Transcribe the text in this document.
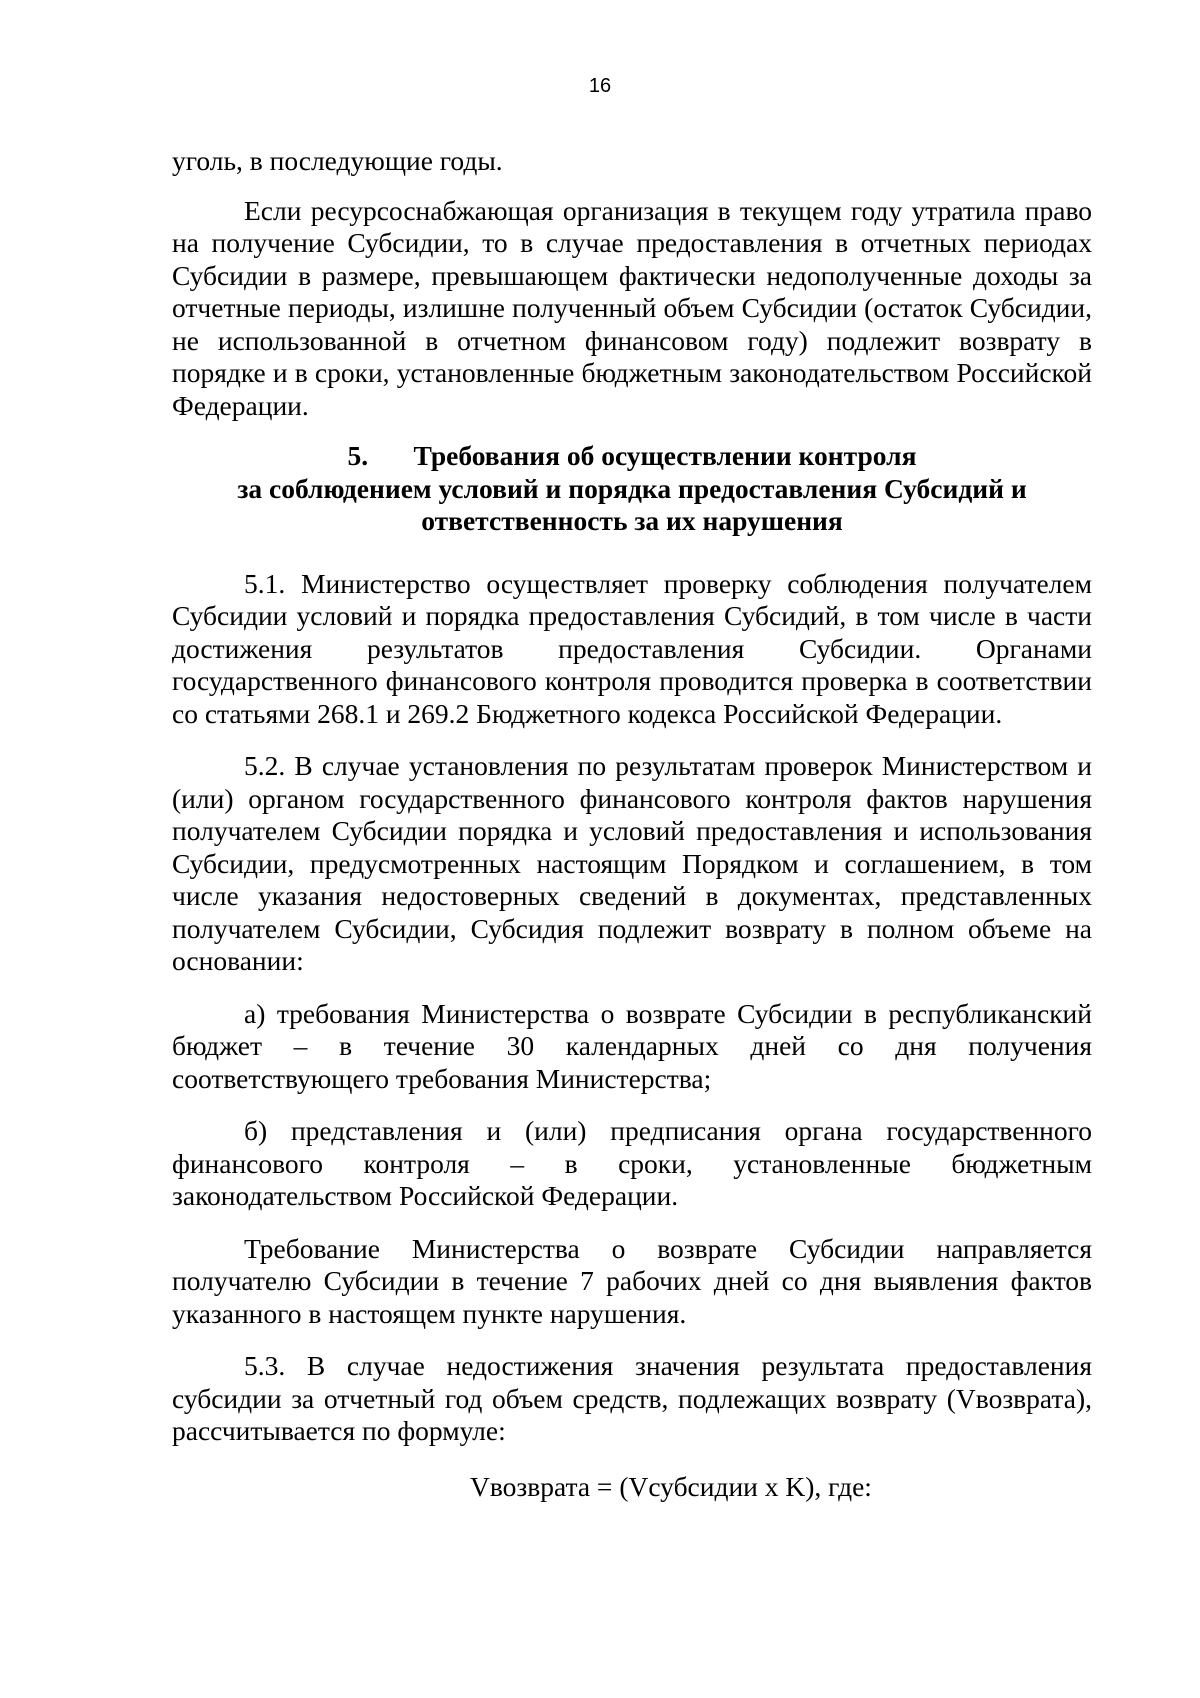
16

уголь, в последующие годы.

Если ресурсоснабжающая организация в текущем году утратила право на получение Субсидии, то в случае предоставления в отчетных периодах Субсидии в размере, превышающем фактически недополученные доходы за отчетные периоды, излишне полученный объем Субсидии (остаток Субсидии, не использованной в отчетном финансовом году) подлежит возврату в порядке и в сроки, установленные бюджетным законодательством Российской Федерации.

5. Требования об осуществлении контроля
за соблюдением условий и порядка предоставления Субсидий и
ответственность за их нарушения

5.1. Министерство осуществляет проверку соблюдения получателем Субсидии условий и порядка предоставления Субсидий, в том числе в части достижения результатов предоставления Субсидии. Органами государственного финансового контроля проводится проверка в соответствии со статьями 268.1 и 269.2 Бюджетного кодекса Российской Федерации.

5.2. В случае установления по результатам проверок Министерством и (или) органом государственного финансового контроля фактов нарушения получателем Субсидии порядка и условий предоставления и использования Субсидии, предусмотренных настоящим Порядком и соглашением, в том числе указания недостоверных сведений в документах, представленных получателем Субсидии, Субсидия подлежит возврату в полном объеме на основании:

а) требования Министерства о возврате Субсидии в республиканский бюджет – в течение 30 календарных дней со дня получения соответствующего требования Министерства;

б) представления и (или) предписания органа государственного финансового контроля – в сроки, установленные бюджетным законодательством Российской Федерации.

Требование Министерства о возврате Субсидии направляется получателю Субсидии в течение 7 рабочих дней со дня выявления фактов указанного в настоящем пункте нарушения.

5.3. В случае недостижения значения результата предоставления субсидии за отчетный год объем средств, подлежащих возврату (Vвозврата), рассчитывается по формуле:

Vвозврата = (Vсубсидии x K), где:
